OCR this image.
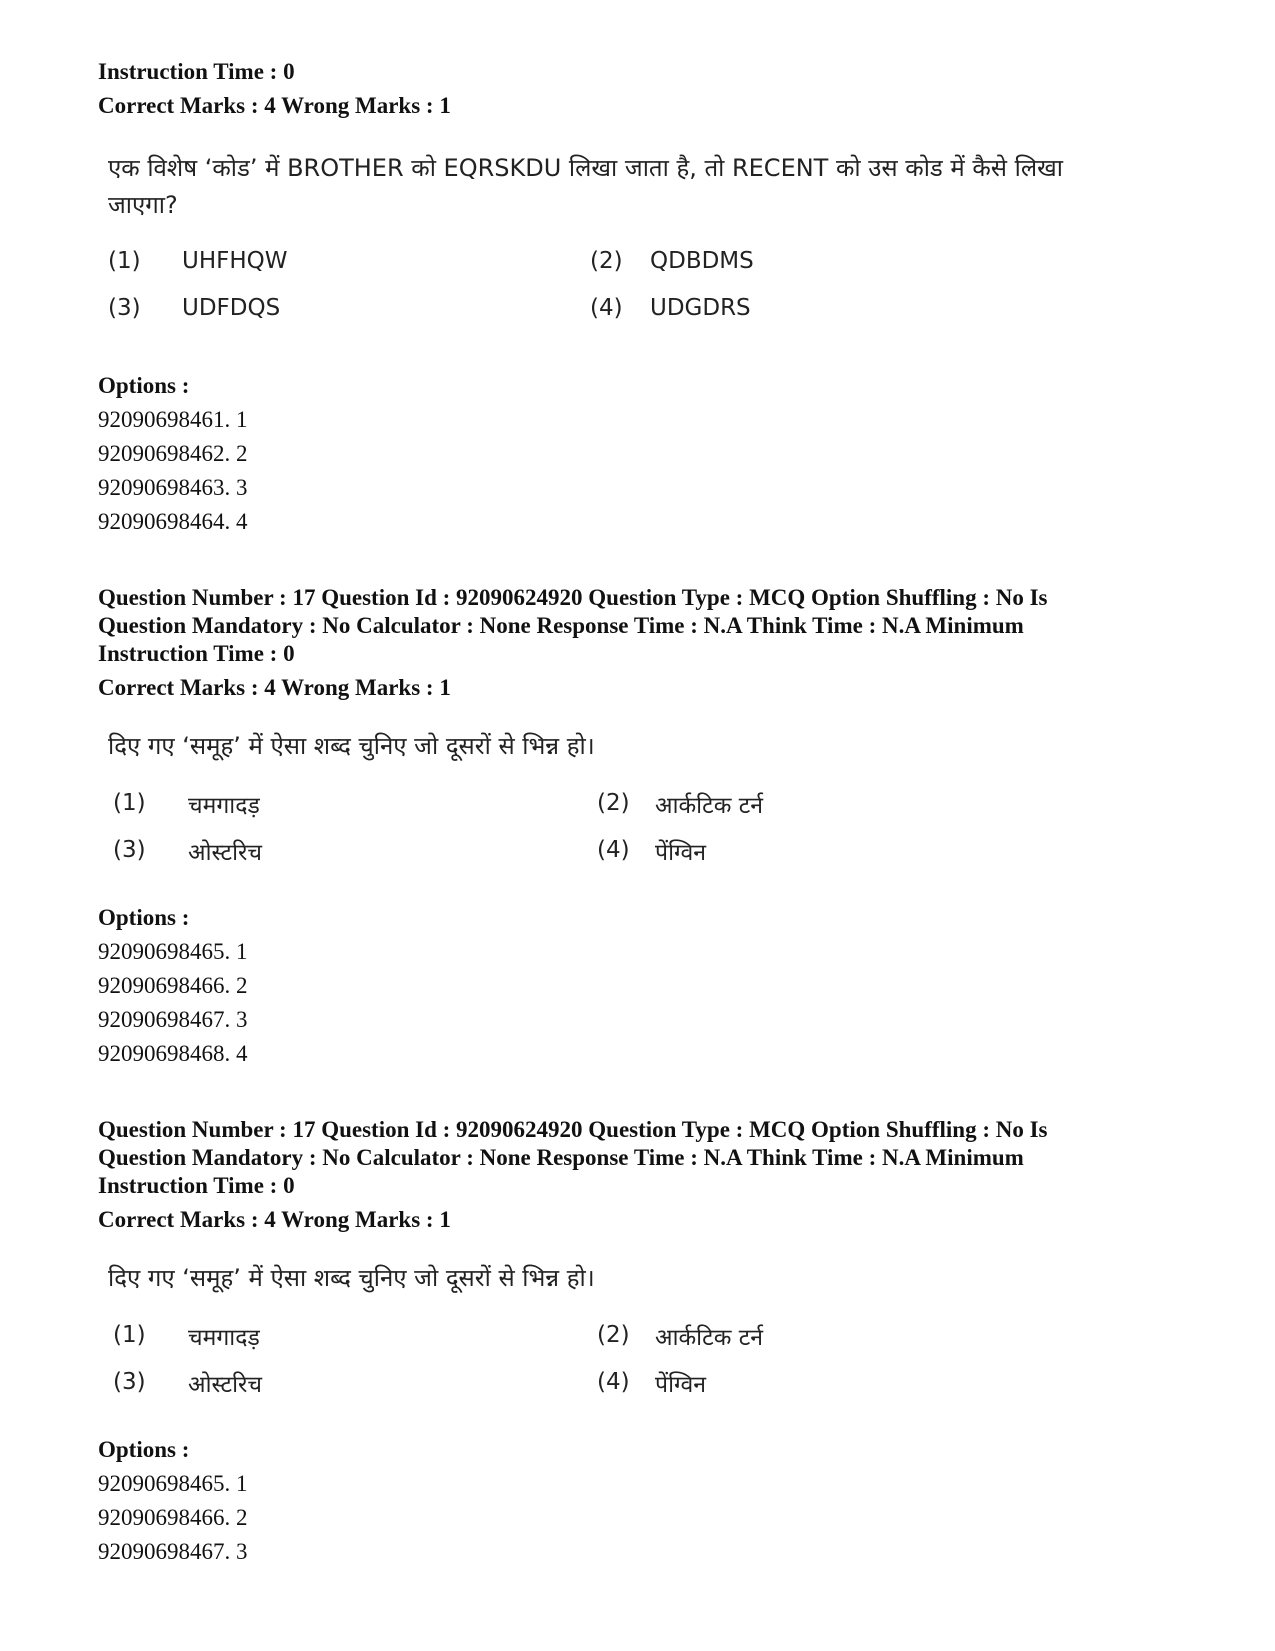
Instruction Time : 0
Correct Marks : 4 Wrong Marks : 1
एक विशेष ‘कोड’ में BROTHER को EQRSKDU लिखा जाता है, तो RECENT को उस कोड में कैसे लिखा जाएगा?
(1) UHFHQW	(2) QDBDMS
(3) UDFDQS	(4) UDGDRS
Options :
92090698461. 1
92090698462. 2
92090698463. 3
92090698464. 4
Question Number : 17 Question Id : 92090624920 Question Type : MCQ Option Shuffling : No Is
Question Mandatory : No Calculator : None Response Time : N.A Think Time : N.A Minimum
Instruction Time : 0
Correct Marks : 4 Wrong Marks : 1
दिए गए ‘समूह’ में ऐसा शब्द चुनिए जो दूसरों से भिन्न हो।
(1) चमगादड़	(2) आर्कटिक टर्न
(3) ओस्टरिच	(4) पेंग्विन
Options :
92090698465. 1
92090698466. 2
92090698467. 3
92090698468. 4
Question Number : 17 Question Id : 92090624920 Question Type : MCQ Option Shuffling : No Is
Question Mandatory : No Calculator : None Response Time : N.A Think Time : N.A Minimum
Instruction Time : 0
Correct Marks : 4 Wrong Marks : 1
दिए गए ‘समूह’ में ऐसा शब्द चुनिए जो दूसरों से भिन्न हो।
(1) चमगादड़	(2) आर्कटिक टर्न
(3) ओस्टरिच	(4) पेंग्विन
Options :
92090698465. 1
92090698466. 2
92090698467. 3
